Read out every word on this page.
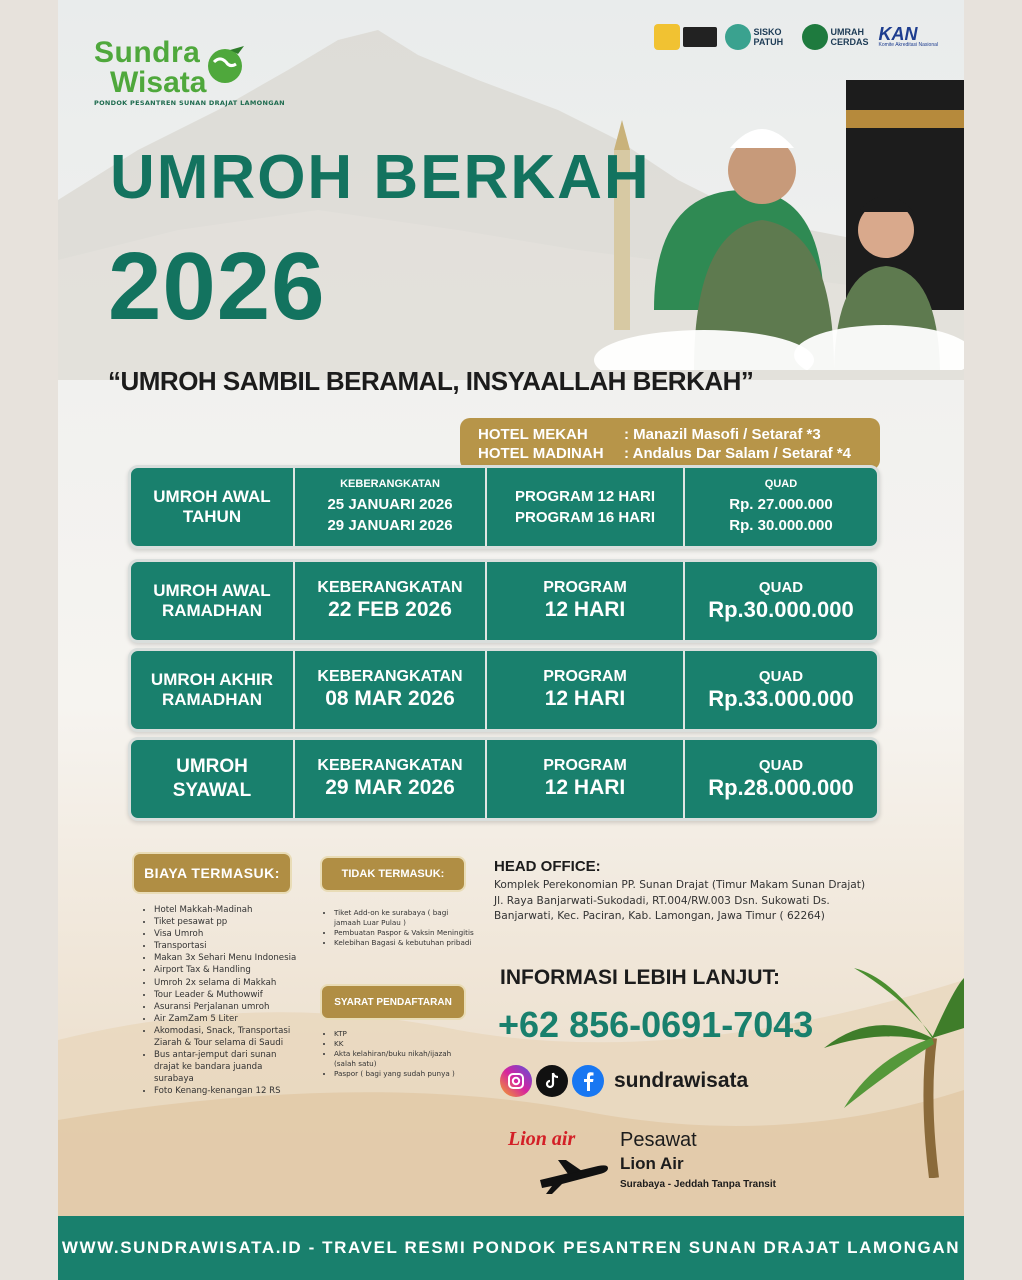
Sundra
Wisata
PONDOK PESANTREN SUNAN DRAJAT LAMONGAN
SISKO PATUH
UMRAH CERDAS KAN
Komite Akreditasi Nasional
UMROH BERKAH
2026
“UMROH SAMBIL BERAMAL, INSYAALLAH BERKAH”
HOTEL MEKAH	: Manazil Masofi / Setaraf *3
HOTEL MADINAH	: Andalus Dar Salam / Setaraf *4
UMROH AWAL
TAHUN
KEBERANGKATAN
25 JANUARI 2026
29 JANUARI 2026
PROGRAM 12 HARI
PROGRAM 16 HARI
QUAD
Rp. 27.000.000
Rp. 30.000.000
UMROH AWAL
RAMADHAN
KEBERANGKATAN
22 FEB 2026
PROGRAM
12 HARI
QUAD
Rp.30.000.000
UMROH AKHIR
RAMADHAN
KEBERANGKATAN
08 MAR 2026
PROGRAM
12 HARI
QUAD
Rp.33.000.000
UMROH
SYAWAL
KEBERANGKATAN
29 MAR 2026
PROGRAM
12 HARI
QUAD
Rp.28.000.000
BIAYA TERMASUK:
• Hotel Makkah-Madinah
• Tiket pesawat pp
• Visa Umroh
• Transportasi
• Makan 3x Sehari Menu Indonesia
• Airport Tax & Handling
• Umroh 2x selama di Makkah
• Tour Leader & Muthowwif
• Asuransi Perjalanan umroh
• Air ZamZam 5 Liter
• Akomodasi, Snack, Transportasi Ziarah & Tour selama di Saudi
• Bus antar-jemput dari sunan drajat ke bandara juanda surabaya
• Foto Kenang-kenangan 12 RS
TIDAK TERMASUK:
• Tiket Add-on ke surabaya ( bagi jamaah Luar Pulau )
• Pembuatan Paspor & Vaksin Meningitis
• Kelebihan Bagasi & kebutuhan pribadi
SYARAT PENDAFTARAN
• KTP
• KK
• Akta kelahiran/buku nikah/ijazah (salah satu)
• Paspor ( bagi yang sudah punya )
HEAD OFFICE:
Komplek Perekonomian PP. Sunan Drajat (Timur Makam Sunan Drajat) Jl. Raya Banjarwati-Sukodadi, RT.004/RW.003 Dsn. Sukowati Ds. Banjarwati, Kec. Paciran, Kab. Lamongan, Jawa Timur ( 62264)
INFORMASI LEBIH LANJUT:
+62 856-0691-7043
sundrawisata
Lion air Pesawat
Lion Air
Surabaya - Jeddah Tanpa Transit
WWW.SUNDRAWISATA.ID - TRAVEL RESMI PONDOK PESANTREN SUNAN DRAJAT LAMONGAN
